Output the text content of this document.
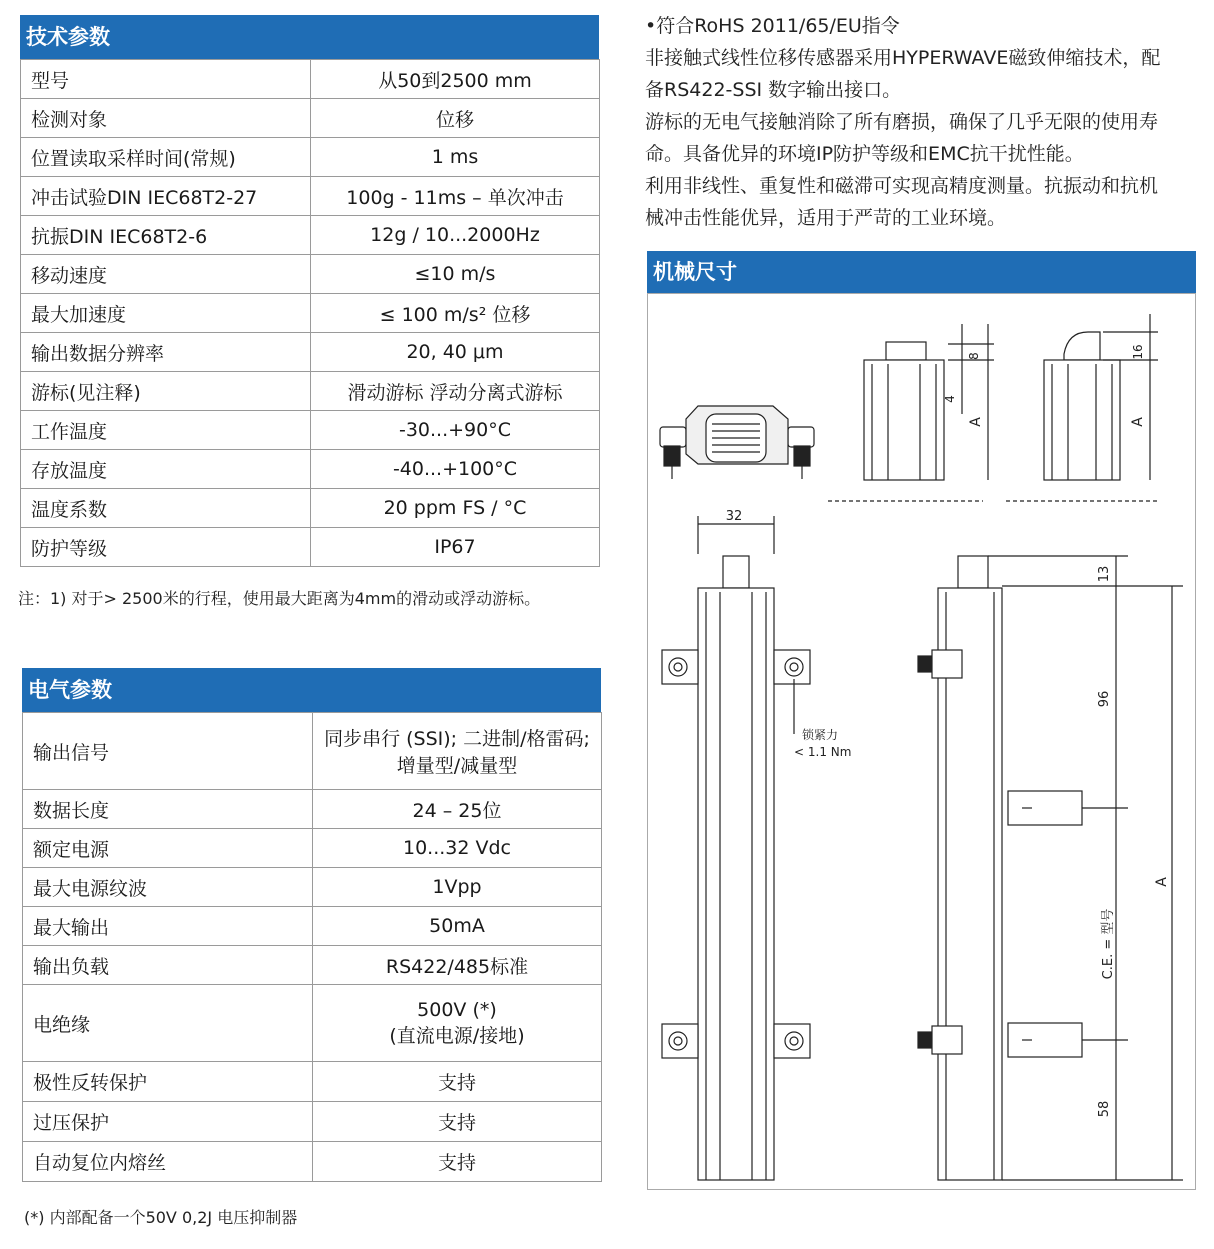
技术参数
型号	从50到2500 mm

检测对象	位移

位置读取采样时间(常规)	1 ms

冲击试验DIN IEC68T2-27	100g - 11ms – 单次冲击

抗振DIN IEC68T2-6	12g / 10...2000Hz

移动速度	≤10 m/s

最大加速度	≤ 100 m/s² 位移

输出数据分辨率	20, 40 μm

游标(见注释)	滑动游标 浮动分离式游标

工作温度	-30...+90°C

存放温度	-40...+100°C

温度系数	20 ppm FS / °C

防护等级	IP67
注：1) 对于> 2500米的行程，使用最大距离为4mm的滑动或浮动游标。
电气参数
输出信号	同步串行 (SSI); 二进制/格雷码;
增量型/减量型

数据长度	24 – 25位

额定电源	10...32 Vdc

最大电源纹波	1Vpp

最大输出	50mA

输出负载	RS422/485标准

电绝缘	500V (*)
(直流电源/接地)

极性反转保护	支持

过压保护	支持

自动复位内熔丝	支持
(*) 内部配备一个50V 0,2J 电压抑制器

•符合RoHS 2011/65/EU指令

非接触式线性位移传感器采用HYPERWAVE磁致伸缩技术，配

备RS422-SSI 数字输出接口。

游标的无电气接触消除了所有磨损，确保了几乎无限的使用寿

命。具备优异的环境IP防护等级和EMC抗干扰性能。

利用非线性、重复性和磁滞可实现高精度测量。抗振动和抗机

械冲击性能优异，适用于严苛的工业环境。

机械尺寸
8
4
A
16
A
32
锁紧力
< 1.1 Nm
13
96
C.E. = 型号
58
A
